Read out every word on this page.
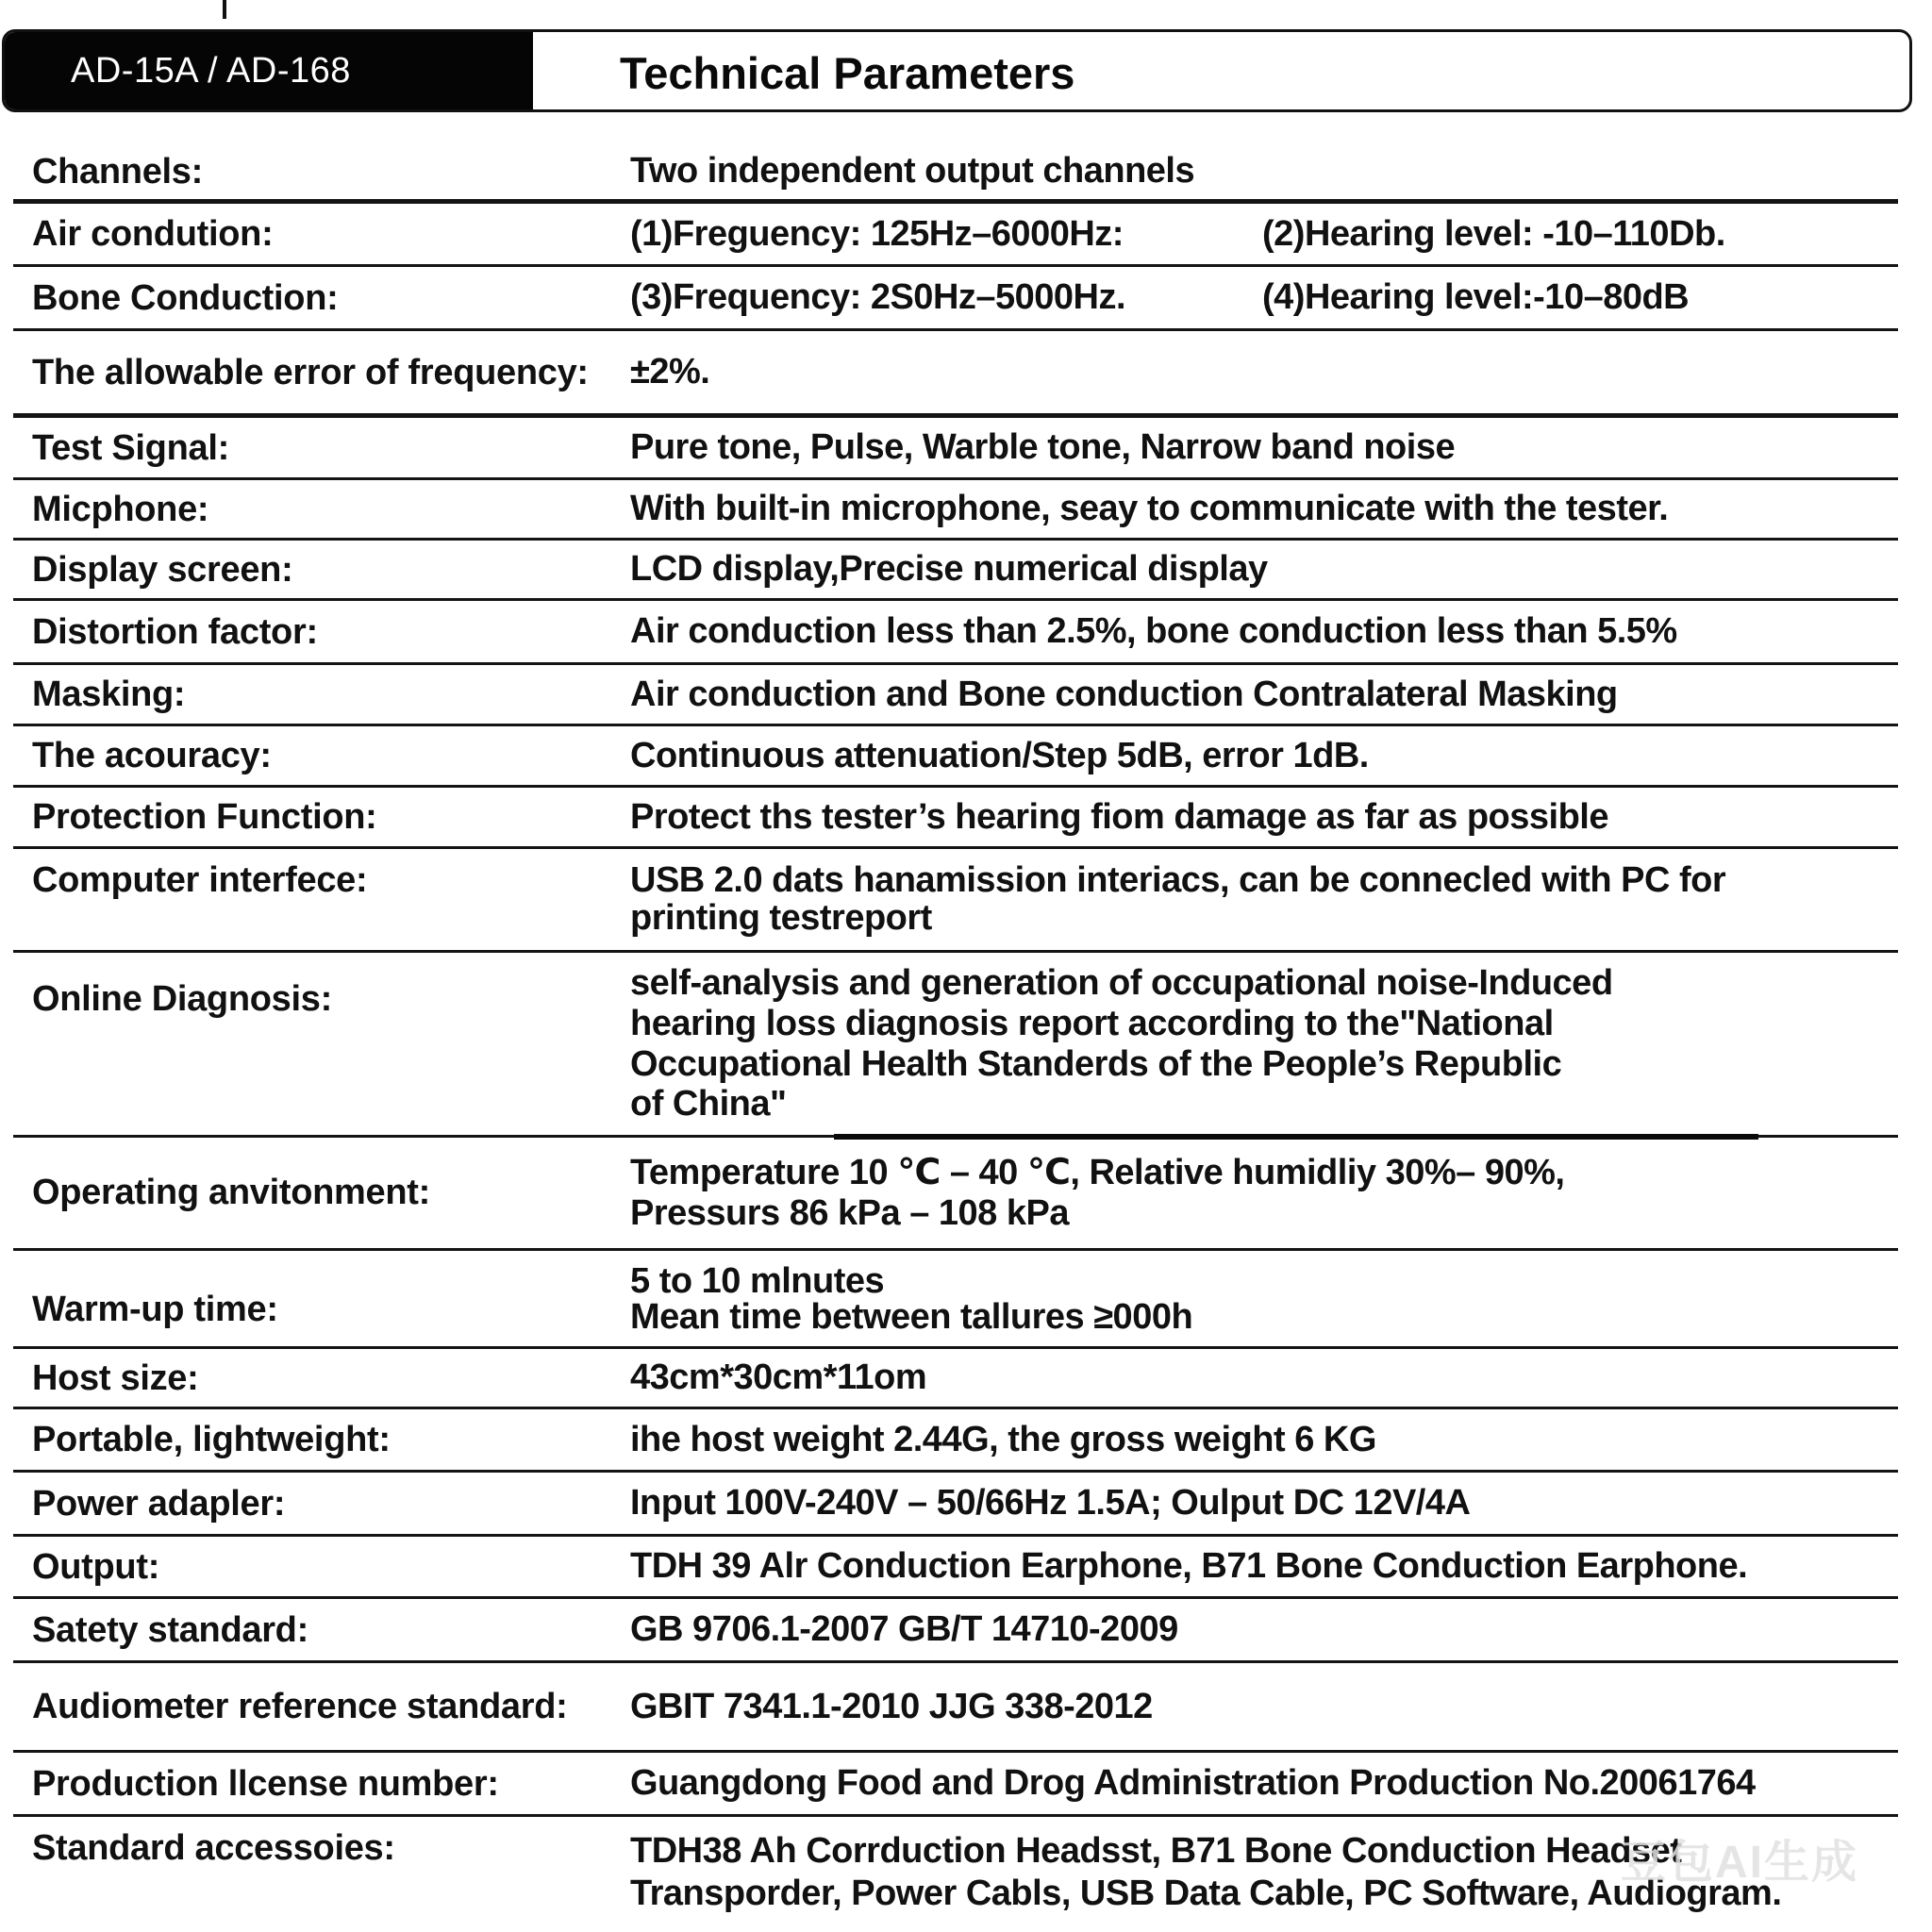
AD-15A / AD-168	Technical Parameters
Channels:	Two independent output channels
Air condution:	(1)Freguency: 125Hz–6000Hz:	(2)Hearing level: -10–110Db.
Bone Conduction:	(3)Frequency: 2S0Hz–5000Hz.	(4)Hearing level:-10–80dB
The allowable error of frequency:	±2%.
Test Signal:	Pure tone, Pulse, Warble tone, Narrow band noise
Micphone:	With built-in microphone, seay to communicate with the tester.
Display screen:	LCD display,Precise numerical display
Distortion factor:	Air conduction less than 2.5%, bone conduction less than 5.5%
Masking:	Air conduction and Bone conduction Contralateral Masking
The acouracy:	Continuous attenuation/Step 5dB, error 1dB.
Protection Function:	Protect ths tester’s hearing fiom damage as far as possible
Computer interfece:	USB 2.0 dats hanamission interiacs, can be connecled with PC for
printing testreport
Online Diagnosis:	self-analysis and generation of occupational noise-Induced
hearing loss diagnosis report according to the"National
Occupational Health Standerds of the People’s Republic
of China"
Operating anvitonment:	Temperature 10 ℃ – 40 ℃, Relative humidliy 30%– 90%,
Pressurs 86 kPa – 108 kPa
Warm-up time:
5 to 10 mlnutes
Mean time between tallures ≥000h
Host size:	43cm*30cm*11om
Portable, lightweight:	ihe host weight 2.44G, the gross weight 6 KG
Power adapler:	Input 100V-240V – 50/66Hz 1.5A; Oulput DC 12V/4A
Output:	TDH 39 Alr Conduction Earphone, B71 Bone Conduction Earphone.
Satety standard:	GB 9706.1-2007 GB/T 14710-2009
Audiometer reference standard:	GBIT 7341.1-2010 JJG 338-2012
Production llcense number:	Guangdong Food and Drog Administration Production No.20061764
Standard accessoies:	TDH38 Ah Corrduction Headsst, B71 Bone Conduction Headset
Transporder, Power Cabls, USB Data Cable, PC Software, Audiogram.
豆包AI生成
